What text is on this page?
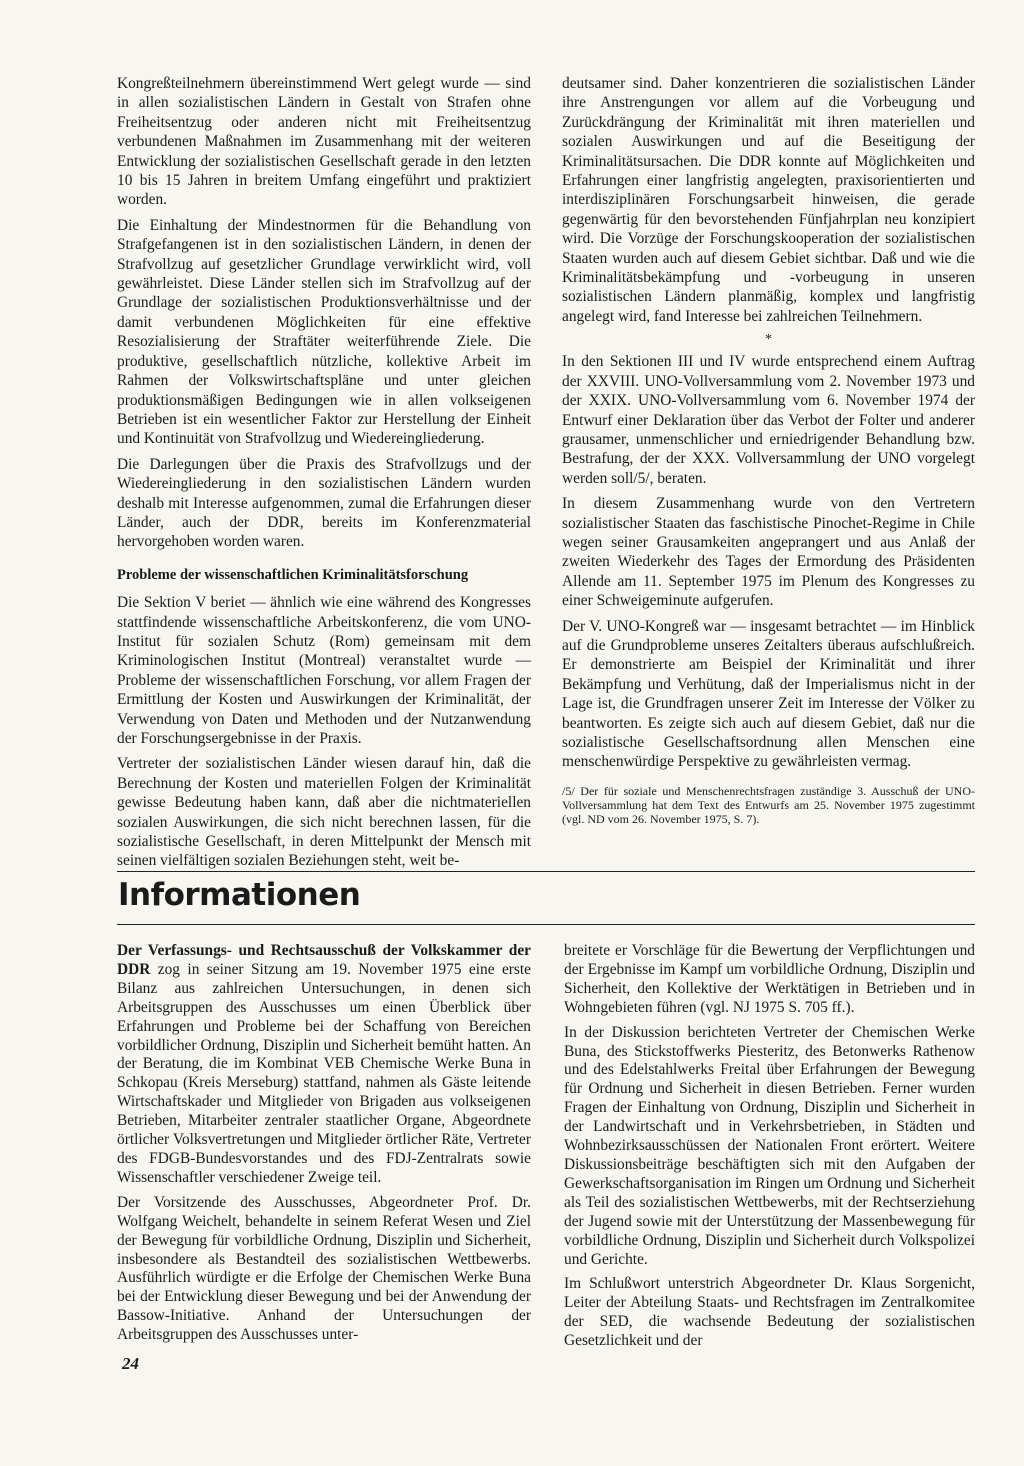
Kongreßteilnehmern übereinstimmend Wert gelegt wurde — sind in allen sozialistischen Ländern in Gestalt von Strafen ohne Freiheitsentzug oder anderen nicht mit Freiheitsentzug verbundenen Maßnahmen im Zusammenhang mit der weiteren Entwicklung der sozialistischen Gesellschaft gerade in den letzten 10 bis 15 Jahren in breitem Umfang eingeführt und praktiziert worden.

Die Einhaltung der Mindestnormen für die Behandlung von Strafgefangenen ist in den sozialistischen Ländern, in denen der Strafvollzug auf gesetzlicher Grundlage verwirklicht wird, voll gewährleistet. Diese Länder stellen sich im Strafvollzug auf der Grundlage der sozialistischen Produktionsverhältnisse und der damit verbundenen Möglichkeiten für eine effektive Resozialisierung der Straftäter weiterführende Ziele. Die produktive, gesellschaftlich nützliche, kollektive Arbeit im Rahmen der Volkswirtschaftspläne und unter gleichen produktionsmäßigen Bedingungen wie in allen volkseigenen Betrieben ist ein wesentlicher Faktor zur Herstellung der Einheit und Kontinuität von Strafvollzug und Wiedereingliederung.

Die Darlegungen über die Praxis des Strafvollzugs und der Wiedereingliederung in den sozialistischen Ländern wurden deshalb mit Interesse aufgenommen, zumal die Erfahrungen dieser Länder, auch der DDR, bereits im Konferenzmaterial hervorgehoben worden waren.

Probleme der wissenschaftlichen Kriminalitätsforschung

Die Sektion V beriet — ähnlich wie eine während des Kongresses stattfindende wissenschaftliche Arbeitskonferenz, die vom UNO-Institut für sozialen Schutz (Rom) gemeinsam mit dem Kriminologischen Institut (Montreal) veranstaltet wurde — Probleme der wissenschaftlichen Forschung, vor allem Fragen der Ermittlung der Kosten und Auswirkungen der Kriminalität, der Verwendung von Daten und Methoden und der Nutzanwendung der Forschungsergebnisse in der Praxis.

Vertreter der sozialistischen Länder wiesen darauf hin, daß die Berechnung der Kosten und materiellen Folgen der Kriminalität gewisse Bedeutung haben kann, daß aber die nichtmateriellen sozialen Auswirkungen, die sich nicht berechnen lassen, für die sozialistische Gesellschaft, in deren Mittelpunkt der Mensch mit seinen vielfältigen sozialen Beziehungen steht, weit be-

deutsamer sind. Daher konzentrieren die sozialistischen Länder ihre Anstrengungen vor allem auf die Vorbeugung und Zurückdrängung der Kriminalität mit ihren materiellen und sozialen Auswirkungen und auf die Beseitigung der Kriminalitätsursachen. Die DDR konnte auf Möglichkeiten und Erfahrungen einer langfristig angelegten, praxisorientierten und interdisziplinären Forschungsarbeit hinweisen, die gerade gegenwärtig für den bevorstehenden Fünfjahrplan neu konzipiert wird. Die Vorzüge der Forschungskooperation der sozialistischen Staaten wurden auch auf diesem Gebiet sichtbar. Daß und wie die Kriminalitätsbekämpfung und -vorbeugung in unseren sozialistischen Ländern planmäßig, komplex und langfristig angelegt wird, fand Interesse bei zahlreichen Teilnehmern.

*

In den Sektionen III und IV wurde entsprechend einem Auftrag der XXVIII. UNO-Vollversammlung vom 2. November 1973 und der XXIX. UNO-Vollversammlung vom 6. November 1974 der Entwurf einer Deklaration über das Verbot der Folter und anderer grausamer, unmenschlicher und erniedrigender Behandlung bzw. Bestrafung, der der XXX. Vollversammlung der UNO vorgelegt werden soll/5/, beraten.

In diesem Zusammenhang wurde von den Vertretern sozialistischer Staaten das faschistische Pinochet-Regime in Chile wegen seiner Grausamkeiten angeprangert und aus Anlaß der zweiten Wiederkehr des Tages der Ermordung des Präsidenten Allende am 11. September 1975 im Plenum des Kongresses zu einer Schweigeminute aufgerufen.

Der V. UNO-Kongreß war — insgesamt betrachtet — im Hinblick auf die Grundprobleme unseres Zeitalters überaus aufschlußreich. Er demonstrierte am Beispiel der Kriminalität und ihrer Bekämpfung und Verhütung, daß der Imperialismus nicht in der Lage ist, die Grundfragen unserer Zeit im Interesse der Völker zu beantworten. Es zeigte sich auch auf diesem Gebiet, daß nur die sozialistische Gesellschaftsordnung allen Menschen eine menschenwürdige Perspektive zu gewährleisten vermag.

/5/ Der für soziale und Menschenrechtsfragen zuständige 3. Ausschuß der UNO-Vollversammlung hat dem Text des Entwurfs am 25. November 1975 zugestimmt (vgl. ND vom 26. November 1975, S. 7).
Informationen

Der Verfassungs- und Rechtsausschuß der Volkskammer der DDR zog in seiner Sitzung am 19. November 1975 eine erste Bilanz aus zahlreichen Untersuchungen, in denen sich Arbeitsgruppen des Ausschusses um einen Überblick über Erfahrungen und Probleme bei der Schaffung von Bereichen vorbildlicher Ordnung, Disziplin und Sicherheit bemüht hatten. An der Beratung, die im Kombinat VEB Chemische Werke Buna in Schkopau (Kreis Merseburg) stattfand, nahmen als Gäste leitende Wirtschaftskader und Mitglieder von Brigaden aus volkseigenen Betrieben, Mitarbeiter zentraler staatlicher Organe, Abgeordnete örtlicher Volksvertretungen und Mitglieder örtlicher Räte, Vertreter des FDGB-Bundesvorstandes und des FDJ-Zentralrats sowie Wissenschaftler verschiedener Zweige teil.

Der Vorsitzende des Ausschusses, Abgeordneter Prof. Dr. Wolfgang Weichelt, behandelte in seinem Referat Wesen und Ziel der Bewegung für vorbildliche Ordnung, Disziplin und Sicherheit, insbesondere als Bestandteil des sozialistischen Wettbewerbs. Ausführlich würdigte er die Erfolge der Chemischen Werke Buna bei der Entwicklung dieser Bewegung und bei der Anwendung der Bassow-Initiative. Anhand der Untersuchungen der Arbeitsgruppen des Ausschusses unter-

breitete er Vorschläge für die Bewertung der Verpflichtungen und der Ergebnisse im Kampf um vorbildliche Ordnung, Disziplin und Sicherheit, den Kollektive der Werktätigen in Betrieben und in Wohngebieten führen (vgl. NJ 1975 S. 705 ff.).

In der Diskussion berichteten Vertreter der Chemischen Werke Buna, des Stickstoffwerks Piesteritz, des Betonwerks Rathenow und des Edelstahlwerks Freital über Erfahrungen der Bewegung für Ordnung und Sicherheit in diesen Betrieben. Ferner wurden Fragen der Einhaltung von Ordnung, Disziplin und Sicherheit in der Landwirtschaft und in Verkehrsbetrieben, in Städten und Wohnbezirksausschüssen der Nationalen Front erörtert. Weitere Diskussionsbeiträge beschäftigten sich mit den Aufgaben der Gewerkschaftsorganisation im Ringen um Ordnung und Sicherheit als Teil des sozialistischen Wettbewerbs, mit der Rechtserziehung der Jugend sowie mit der Unterstützung der Massenbewegung für vorbildliche Ordnung, Disziplin und Sicherheit durch Volkspolizei und Gerichte.

Im Schlußwort unterstrich Abgeordneter Dr. Klaus Sorgenicht, Leiter der Abteilung Staats- und Rechtsfragen im Zentralkomitee der SED, die wachsende Bedeutung der sozialistischen Gesetzlichkeit und der

24
